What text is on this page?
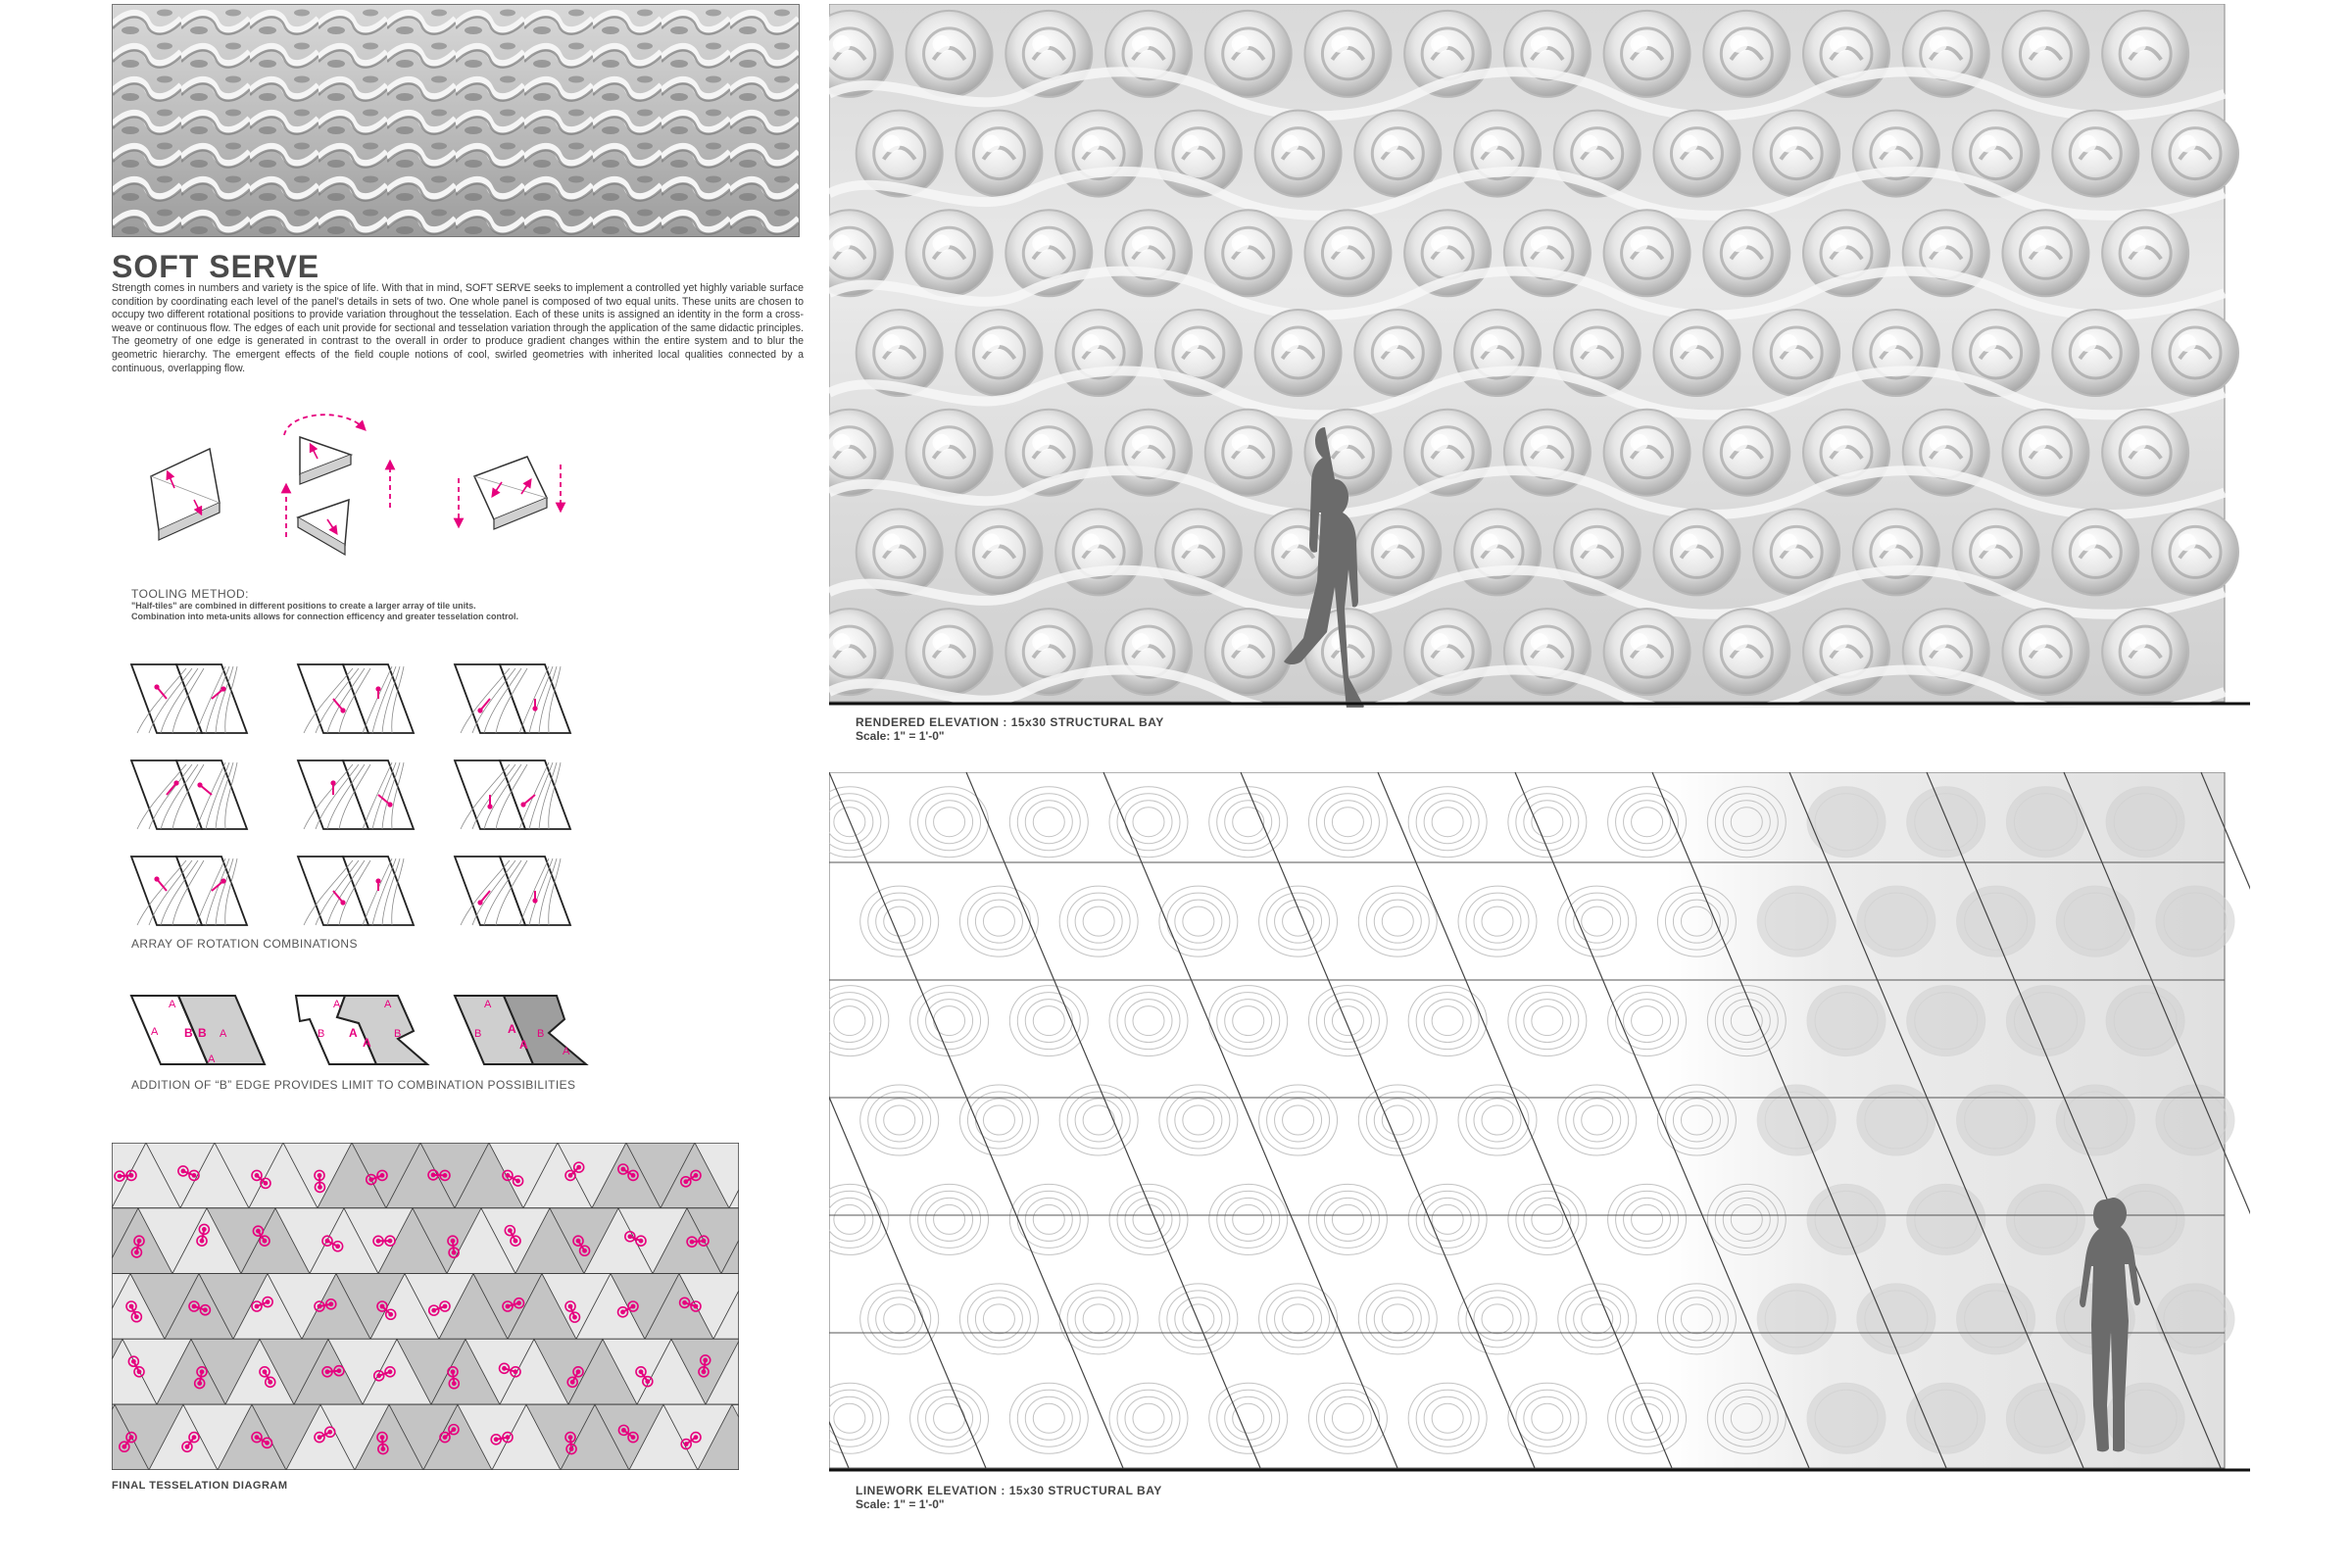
SOFT SERVE

Strength comes in numbers and variety is the spice of life. With that in mind, SOFT SERVE seeks to implement a controlled yet highly variable surface condition by coordinating each level of the panel's details in sets of two. One whole panel is composed of two equal units. These units are chosen to occupy two different rotational positions to provide variation throughout the tesselation. Each of these units is assigned an identity in the form a cross-weave or continuous flow. The edges of each unit provide for sectional and tesselation variation through the application of the same didactic principles. The geometry of one edge is generated in contrast to the overall in order to produce gradient changes within the entire system and to blur the geometric hierarchy. The emergent effects of the field couple notions of cool, swirled geometries with inherited local qualities connected by a continuous, overlapping flow.

TOOLING METHOD:
"Half-tiles" are combined in different positions to create a larger array of tile units.
Combination into meta-units allows for connection efficency and greater tesselation control.
ARRAY OF ROTATION COMBINATIONS
A
A B B A
A
A
B A
A
A
B
A
B A
A
B
A
ADDITION OF “B” EDGE PROVIDES LIMIT TO COMBINATION POSSIBILITIES
FINAL TESSELATION DIAGRAM
RENDERED ELEVATION : 15x30 STRUCTURAL BAY
Scale: 1" = 1'-0"
LINEWORK ELEVATION : 15x30 STRUCTURAL BAY
Scale: 1" = 1'-0"
